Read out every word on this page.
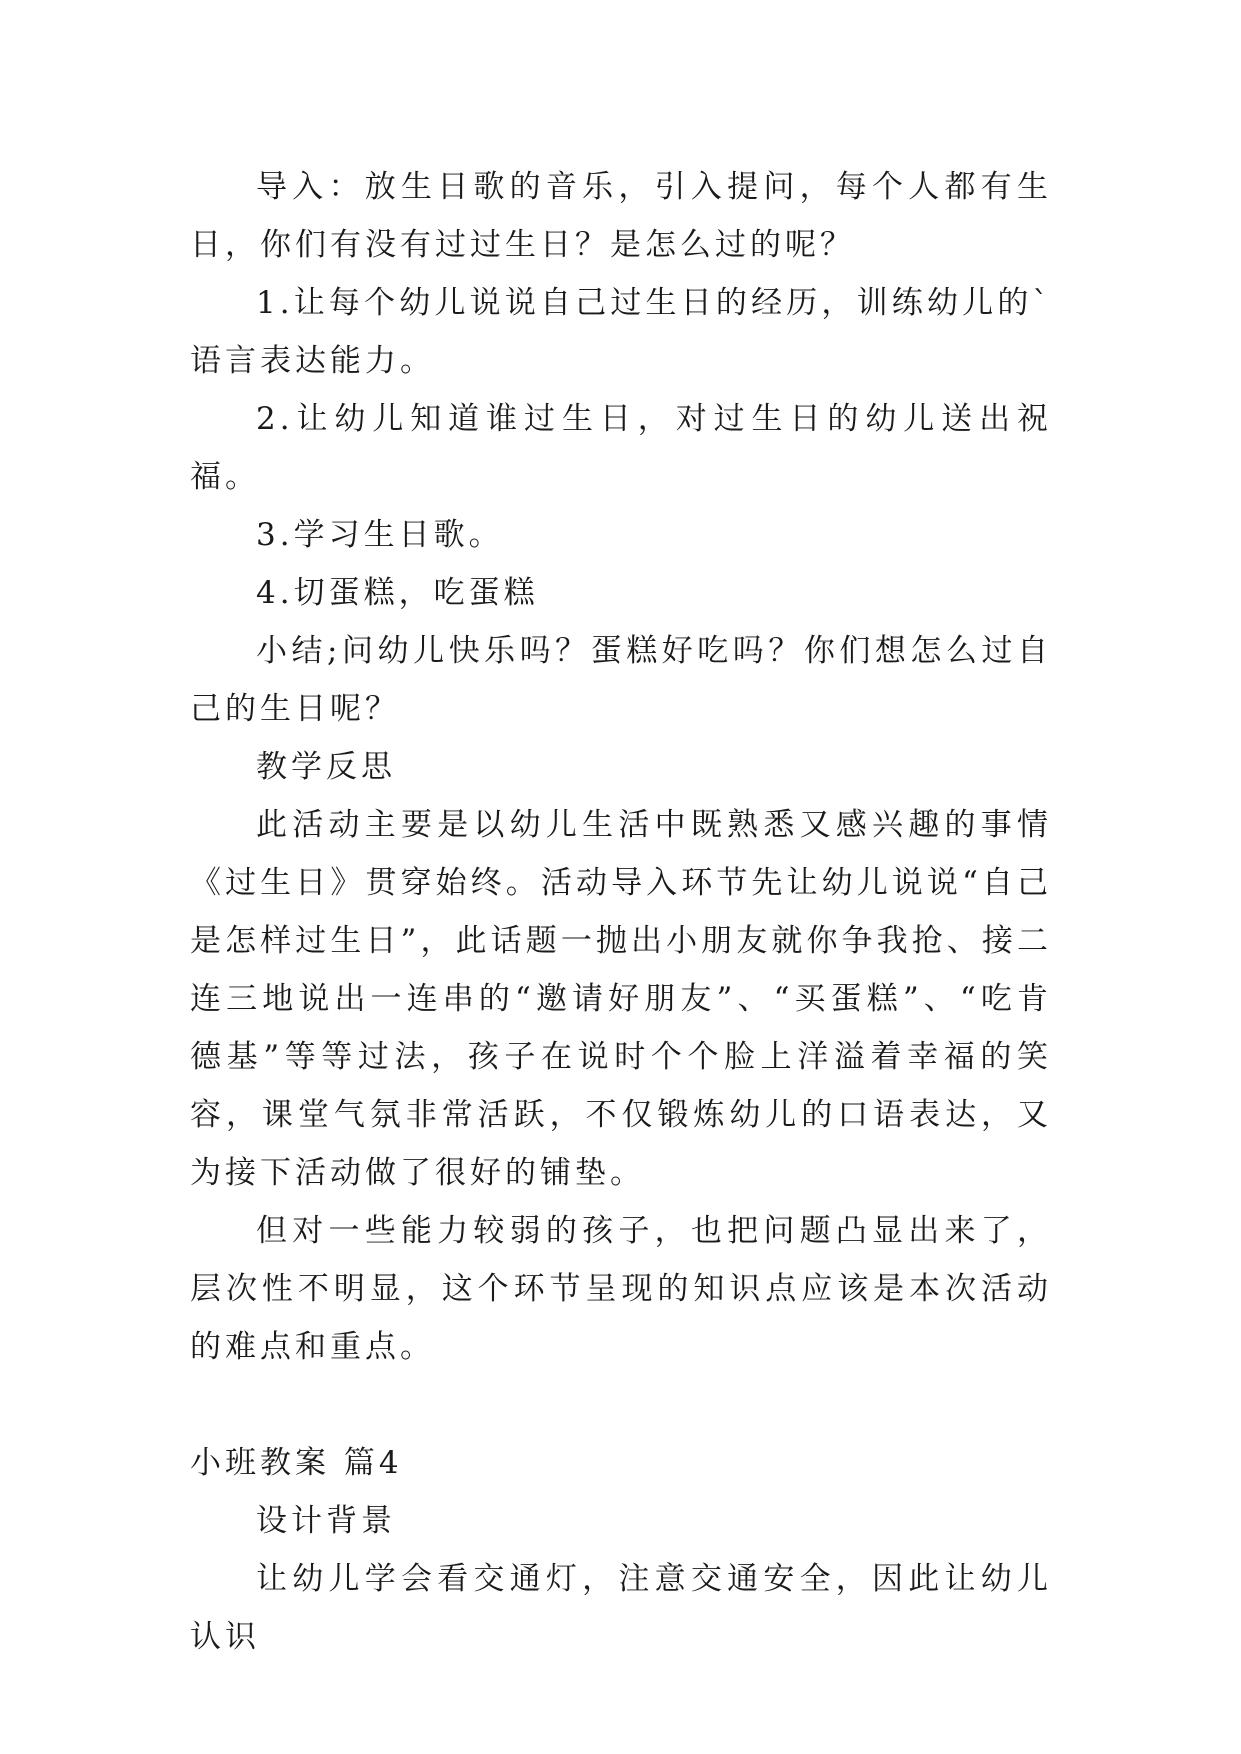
导入：放生日歌的音乐，引入提问，每个人都有生日，你们有没有过过生日？是怎么过的呢？

1.让每个幼儿说说自己过生日的经历，训练幼儿的`语言表达能力。

2.让幼儿知道谁过生日，对过生日的幼儿送出祝福。

3.学习生日歌。

4.切蛋糕，吃蛋糕

小结;问幼儿快乐吗？蛋糕好吃吗？你们想怎么过自己的生日呢？

教学反思

此活动主要是以幼儿生活中既熟悉又感兴趣的事情《过生日》贯穿始终。活动导入环节先让幼儿说说“自己是怎样过生日”，此话题一抛出小朋友就你争我抢、接二连三地说出一连串的“邀请好朋友”、“买蛋糕”、“吃肯德基”等等过法，孩子在说时个个脸上洋溢着幸福的笑容，课堂气氛非常活跃，不仅锻炼幼儿的口语表达，又为接下活动做了很好的铺垫。

但对一些能力较弱的孩子，也把问题凸显出来了，层次性不明显，这个环节呈现的知识点应该是本次活动的难点和重点。

小班教案 篇4

设计背景

让幼儿学会看交通灯，注意交通安全，因此让幼儿认识
